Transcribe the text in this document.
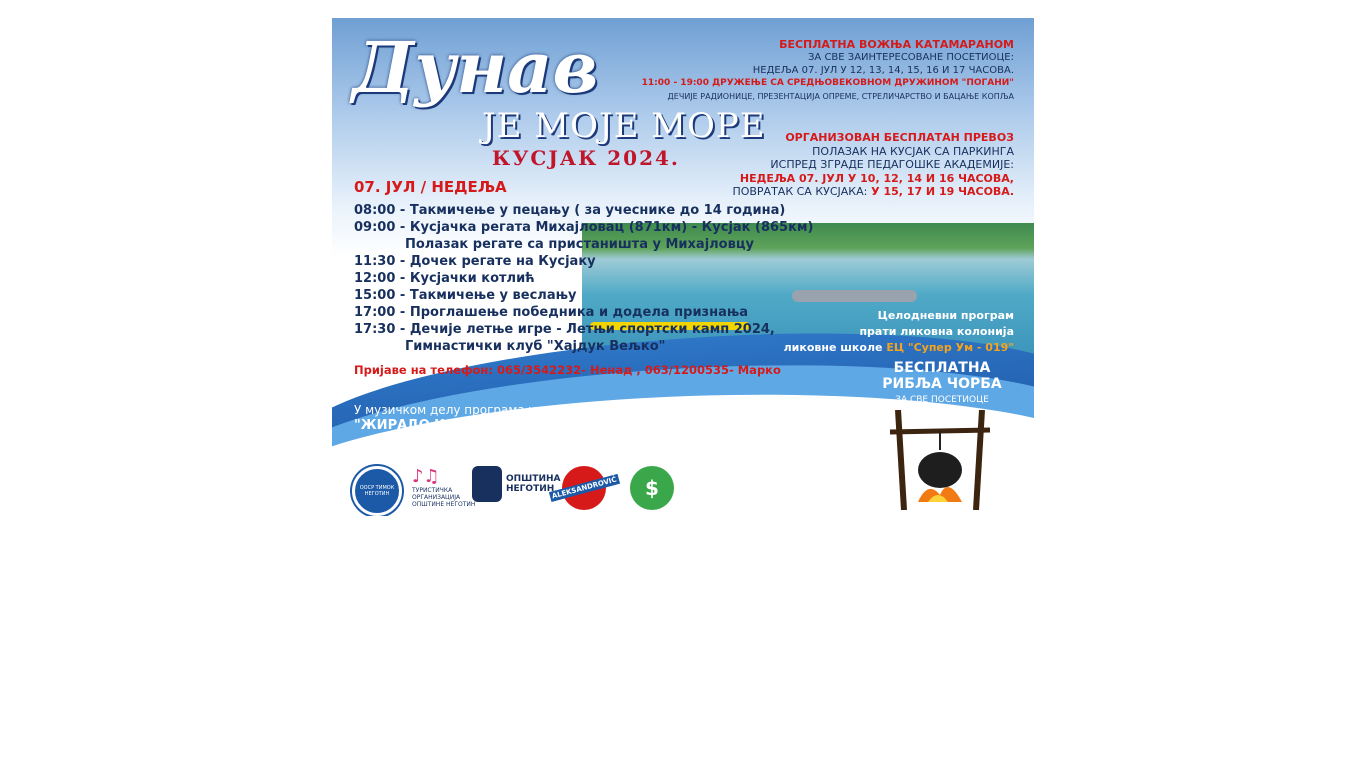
Дунав
JE MOJE MOPE
КУСЈАК 2024.
07. ЈУЛ / НЕДЕЉА
08:00 - Такмичење у пецању ( за учеснике до 14 година)
09:00 - Кусјачка регата Михајловац (871км) - Кусјак (865км)
Полазак регате са пристаништа у Михајловцу
11:30 - Дочек регате на Кусјаку
12:00 - Кусјачки котлић
15:00 - Такмичење у веслању
17:00 - Проглашење победника и додела признања
17:30 - Дечије летње игре - Летњи спортски камп 2024,
Гимнастички клуб "Хајдук Вељко"
Пријаве на телефон: 065/3542232- Ненад , 063/1200535- Марко
У музичком делу програма учествују:
"ЖИРАДО КАВАЉЕРИ" И "MADICINE"
БЕСПЛАТНА ВОЖЊА КАТАМАРАНОМ
ЗА СВЕ ЗАИНТЕРЕСОВАНЕ ПОСЕТИОЦЕ:
НЕДЕЉА 07. ЈУЛ У 12, 13, 14, 15, 16 И 17 ЧАСОВА.
11:00 - 19:00 ДРУЖЕЊЕ СА СРЕДЊОВЕКОВНОМ ДРУЖИНОМ "ПОГАНИ"
ДЕЧИЈЕ РАДИОНИЦЕ, ПРЕЗЕНТАЦИЈА ОПРЕМЕ, СТРЕЛИЧАРСТВО И БАЦАЊЕ КОПЉА
ОРГАНИЗОВАН БЕСПЛАТАН ПРЕВОЗ
ПОЛАЗАК НА КУСЈАК СА ПАРКИНГА
ИСПРЕД ЗГРАДЕ ПЕДАГОШКЕ АКАДЕМИЈЕ:
НЕДЕЉА 07. ЈУЛ У 10, 12, 14 И 16 ЧАСОВА,
ПОВРАТАК СА КУСЈАКА: У 15, 17 И 19 ЧАСОВА.
Целодневни програм
прати ликовна колонија
ликовне школе ЕЦ "Супер Ум - 019"
БЕСПЛАТНА
РИБЉА ЧОРБА
ЗА СВЕ ПОСЕТИОЦЕ
ООСР ТИМОК НЕГОТИН
♪♫
ТУРИСТИЧКА
ОРГАНИЗАЦИЈА
ОПШТИНЕ НЕГОТИН
ОПШТИНА
НЕГОТИН
ALEKSANDROVIĆ $
